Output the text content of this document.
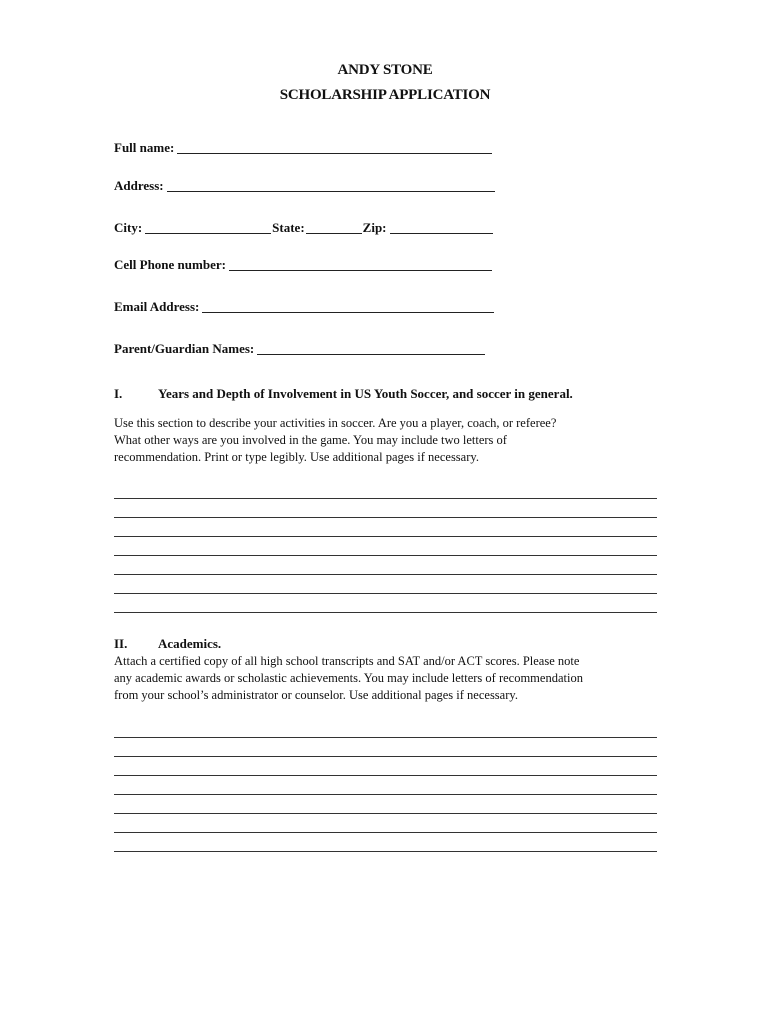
ANDY STONE
SCHOLARSHIP APPLICATION
Full name:
Address:
City:	State:	Zip:
Cell Phone number:
Email Address:
Parent/Guardian Names:
I.	Years and Depth of Involvement in US Youth Soccer, and soccer in general.
Use this section to describe your activities in soccer. Are you a player, coach, or referee?
What other ways are you involved in the game. You may include two letters of
recommendation. Print or type legibly. Use additional pages if necessary.
II.	Academics.
Attach a certified copy of all high school transcripts and SAT and/or ACT scores. Please note
any academic awards or scholastic achievements. You may include letters of recommendation
from your school’s administrator or counselor. Use additional pages if necessary.
